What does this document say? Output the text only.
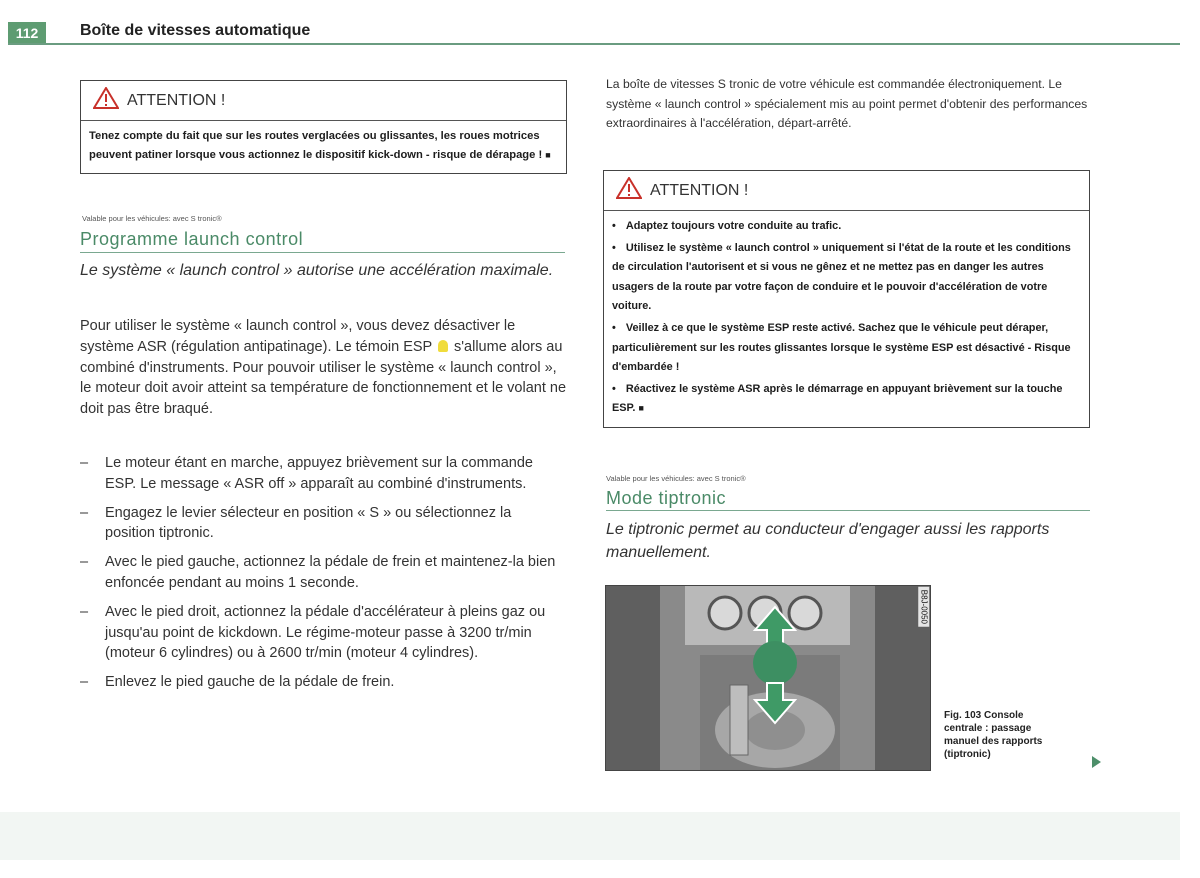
112	Boîte de vitesses automatique
ATTENTION !

Tenez compte du fait que sur les routes verglacées ou glissantes, les roues motrices peuvent patiner lorsque vous actionnez le dispositif kick-down - risque de dérapage ! ■

Valable pour les véhicules: avec S tronic®
Programme launch control
Le système « launch control » autorise une accélération maximale.

Pour utiliser le système « launch control », vous devez désactiver le système ASR (régulation antipatinage). Le témoin ESP s'allume alors au combiné d'instruments. Pour pouvoir utiliser le système « launch control », le moteur doit avoir atteint sa température de fonctionnement et le volant ne doit pas être braqué.

– Le moteur étant en marche, appuyez brièvement sur la commande ESP. Le message « ASR off » apparaît au combiné d'instruments.
– Engagez le levier sélecteur en position « S » ou sélectionnez la position tiptronic.
– Avec le pied gauche, actionnez la pédale de frein et maintenez-la bien enfoncée pendant au moins 1 seconde.
– Avec le pied droit, actionnez la pédale d'accélérateur à pleins gaz ou jusqu'au point de kickdown. Le régime-moteur passe à 3200 tr/min (moteur 6 cylindres) ou à 2600 tr/min (moteur 4 cylindres).
– Enlevez le pied gauche de la pédale de frein.
La boîte de vitesses S tronic de votre véhicule est commandée électroniquement. Le système « launch control » spécialement mis au point permet d'obtenir des performances extraordinaires à l'accélération, départ-arrêté.
ATTENTION !

• Adaptez toujours votre conduite au trafic.

• Utilisez le système « launch control » uniquement si l'état de la route et les conditions de circulation l'autorisent et si vous ne gênez et ne mettez pas en danger les autres usagers de la route par votre façon de conduire et le pouvoir d'accélération de votre voiture.

• Veillez à ce que le système ESP reste activé. Sachez que le véhicule peut déraper, particulièrement sur les routes glissantes lorsque le système ESP est désactivé - Risque d'embardée !

• Réactivez le système ASR après le démarrage en appuyant brièvement sur la touche ESP. ■

Valable pour les véhicules: avec S tronic®
Mode tiptronic
Le tiptronic permet au conducteur d'engager aussi les rapports manuellement.
B8J-0050
Fig. 103 Console
centrale : passage
manuel des rapports
(tiptronic)
